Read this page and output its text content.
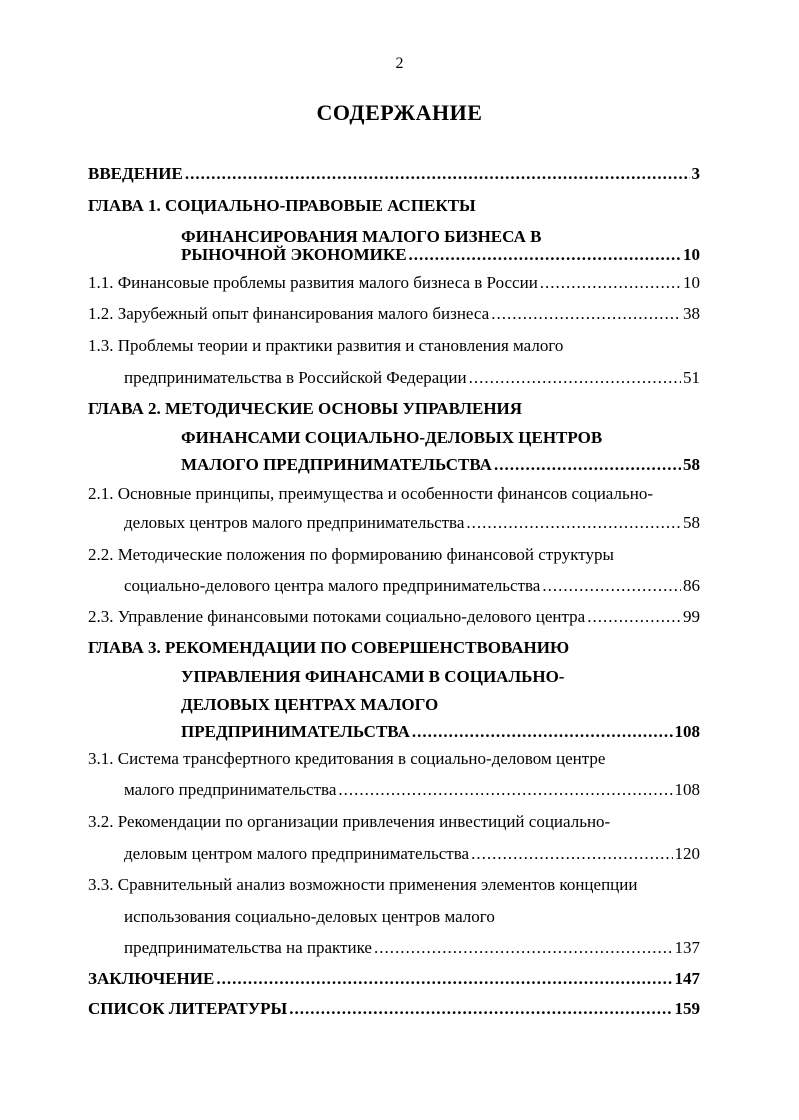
2
СОДЕРЖАНИЕ
ВВЕДЕНИЕ .....	3
ГЛАВА 1. СОЦИАЛЬНО-ПРАВОВЫЕ АСПЕКТЫ
ФИНАНСИРОВАНИЯ МАЛОГО БИЗНЕСА В
РЫНОЧНОЙ ЭКОНОМИКЕ .....	10
1.1. Финансовые проблемы развития малого бизнеса в России .....	10
1.2. Зарубежный опыт финансирования малого бизнеса .....	38
1.3. Проблемы теории и практики развития и становления малого
предпринимательства в Российской Федерации .....	51
ГЛАВА 2. МЕТОДИЧЕСКИЕ ОСНОВЫ УПРАВЛЕНИЯ
ФИНАНСАМИ СОЦИАЛЬНО-ДЕЛОВЫХ ЦЕНТРОВ
МАЛОГО ПРЕДПРИНИМАТЕЛЬСТВА .....	58
2.1. Основные принципы, преимущества и особенности финансов социально-
деловых центров малого предпринимательства .....	58
2.2. Методические положения по формированию финансовой структуры
социально-делового центра малого предпринимательства .....	86
2.3. Управление финансовыми потоками социально-делового центра .....	99
ГЛАВА 3. РЕКОМЕНДАЦИИ ПО СОВЕРШЕНСТВОВАНИЮ
УПРАВЛЕНИЯ ФИНАНСАМИ В СОЦИАЛЬНО-
ДЕЛОВЫХ ЦЕНТРАХ МАЛОГО
ПРЕДПРИНИМАТЕЛЬСТВА .....	108
3.1. Система трансфертного кредитования в социально-деловом центре
малого предпринимательства .....	108
3.2. Рекомендации по организации привлечения инвестиций социально-
деловым центром малого предпринимательства .....	120
3.3. Сравнительный анализ возможности применения элементов концепции
использования социально-деловых центров малого
предпринимательства на практике .....	137
ЗАКЛЮЧЕНИЕ .....	147
СПИСОК ЛИТЕРАТУРЫ .....	159
